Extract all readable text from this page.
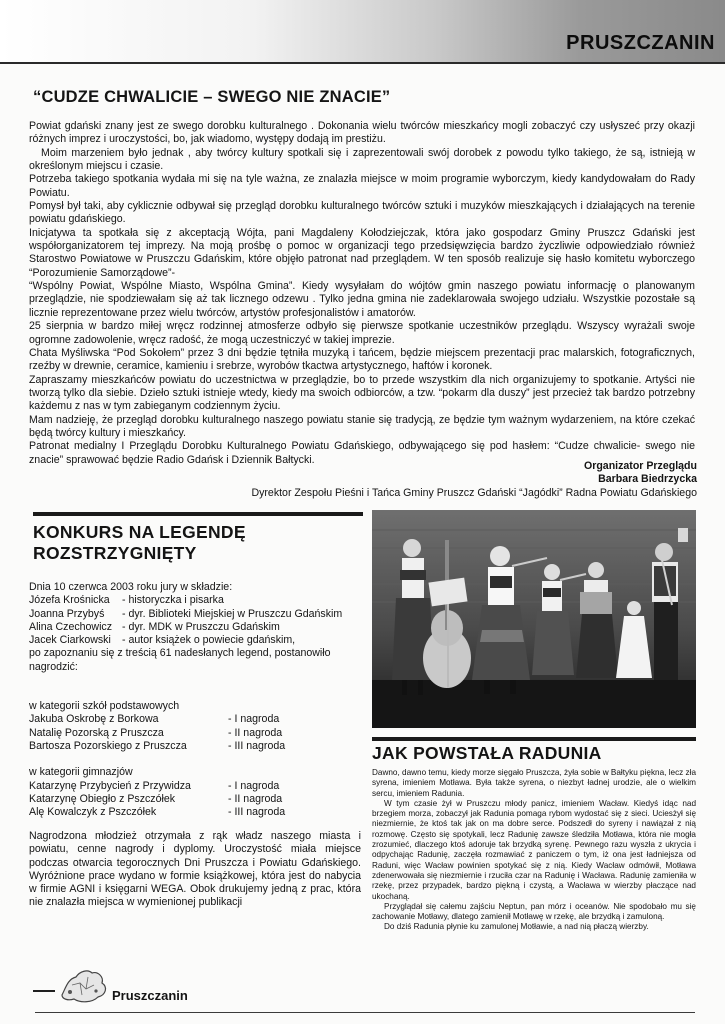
PRUSZCZANIN
“CUDZE CHWALICIE – SWEGO NIE ZNACIE”

Powiat gdański znany jest ze swego dorobku kulturalnego . Dokonania wielu twórców mieszkańcy mogli zobaczyć czy usłyszeć przy okazji różnych imprez i uroczystości, bo, jak wiadomo, występy dodają im prestiżu.

Moim marzeniem było jednak , aby twórcy kultury spotkali się i zaprezentowali swój dorobek z powodu tylko takiego, że są, istnieją w określonym miejscu i czasie.

Potrzeba takiego spotkania wydała mi się na tyle ważna, ze znalazła miejsce w moim programie wyborczym, kiedy kandydowałam do Rady Powiatu.

Pomysł był taki, aby cyklicznie odbywał się przegląd dorobku kulturalnego twórców sztuki i muzyków mieszkających i działających na terenie powiatu gdańskiego.

Inicjatywa ta spotkała się z akceptacją Wójta, pani Magdaleny Kołodziejczak, która jako gospodarz Gminy Pruszcz Gdański jest współorganizatorem tej imprezy. Na moją prośbę o pomoc w organizacji tego przedsięwzięcia bardzo życzliwie odpowiedziało również Starostwo Powiatowe w Pruszczu Gdańskim, które objęło patronat nad przeglądem. W ten sposób realizuje się hasło komitetu wyborczego “Porozumienie Samorządowe”-

“Wspólny Powiat, Wspólne Miasto, Wspólna Gmina”. Kiedy wysyłałam do wójtów gmin naszego powiatu informację o planowanym przeglądzie, nie spodziewałam się aż tak licznego odzewu . Tylko jedna gmina nie zadeklarowała swojego udziału. Wszystkie pozostałe są licznie reprezentowane przez wielu twórców, artystów profesjonalistów i amatorów.

25 sierpnia w bardzo miłej wręcz rodzinnej atmosferze odbyło się pierwsze spotkanie uczestników przeglądu. Wszyscy wyrażali swoje ogromne zadowolenie, wręcz radość, że mogą uczestniczyć w takiej imprezie.

Chata Myśliwska “Pod Sokołem” przez 3 dni będzie tętniła muzyką i tańcem, będzie miejscem prezentacji prac malarskich, fotograficznych, rzeźby w drewnie, ceramice, kamieniu i srebrze, wyrobów tkactwa artystycznego, haftów i koronek.

Zapraszamy mieszkańców powiatu do uczestnictwa w przeglądzie, bo to przede wszystkim dla nich organizujemy to spotkanie. Artyści nie tworzą tylko dla siebie. Dzieło sztuki istnieje wtedy, kiedy ma swoich odbiorców, a tzw. “pokarm dla duszy” jest przecież tak bardzo potrzebny każdemu z nas w tym zabieganym codziennym życiu.

Mam nadzieję, że przegląd dorobku kulturalnego naszego powiatu stanie się tradycją, ze będzie tym ważnym wydarzeniem, na które czekać będą twórcy kultury i mieszkańcy.

Patronat medialny I Przeglądu Dorobku Kulturalnego Powiatu Gdańskiego, odbywającego się pod hasłem: “Cudze chwalicie- swego nie znacie” sprawować będzie Radio Gdańsk i Dziennik Bałtycki.

Organizator Przeglądu
Barbara Biedrzycka
Dyrektor Zespołu Pieśni i Tańca Gminy Pruszcz Gdański “Jagódki” Radna Powiatu Gdańskiego
KONKURS NA LEGENDĘ ROZSTRZYGNIĘTY
Dnia 10 czerwca 2003 roku jury w składzie:
Józefa Krośnicka	- historyczka i pisarka
Joanna Przybyś	- dyr. Biblioteki Miejskiej w Pruszczu Gdańskim
Alina Czechowicz - dyr. MDK w Pruszczu Gdańskim
Jacek Ciarkowski	- autor książek o powiecie gdańskim,
po zapoznaniu się z treścią 61 nadesłanych legend, postanowiło nagrodzić:
w kategorii szkół podstawowych
Jakuba Oskrobę z Borkowa	- I nagroda
Natalię Pozorską z Pruszcza	- II nagroda
Bartosza Pozorskiego z Pruszcza	- III nagroda
w kategorii gimnazjów
Katarzynę Przybycień z Przywidza	- I nagroda
Katarzynę Obiegło z Pszczółek	- II nagroda
Alę Kowalczyk z Pszczółek	- III nagroda
Nagrodzona młodzież otrzymała z rąk władz naszego miasta i powiatu, cenne nagrody i dyplomy. Uroczystość miała miejsce podczas otwarcia tegorocznych Dni Pruszcza i Powiatu Gdańskiego. Wyróżnione prace wydano w formie książkowej, która jest do nabycia w firmie AGNI i księgarni WEGA. Obok drukujemy jedną z prac, która nie znalazła miejsca w wymienionej publikacji
JAK POWSTAŁA RADUNIA

Dawno, dawno temu, kiedy morze sięgało Pruszcza, żyła sobie w Bałtyku piękna, lecz zła syrena, imieniem Motława. Była także syrena, o niezbyt ładnej urodzie, ale o wielkim sercu, imieniem Radunia.

W tym czasie żył w Pruszczu młody panicz, imieniem Wacław. Kiedyś idąc nad brzegiem morza, zobaczył jak Radunia pomaga rybom wydostać się z sieci. Uciesżył się niezmiernie, że ktoś tak jak on ma dobre serce. Podszedł do syreny i nawiązał z nią rozmowę. Często się spotykali, lecz Radunię zawsze śledziła Motława, która nie mogła zrozumieć, dlaczego ktoś adoruje tak brzydką syrenę. Pewnego razu wyszła z ukrycia i odpychając Radunię, zaczęła rozmawiać z paniczem o tym, iż ona jest ładniejsza od Raduni, więc Wacław powinien spotykać się z nią. Kiedy Wacław odmówił, Motława zdenerwowała się niezmiernie i rzuciła czar na Radunię i Wacława. Radunię zamieniła w rzekę, przez przypadek, bardzo piękną i czystą, a Wacława w wierzby płaczące nad ukochaną.

Przyglądał się całemu zajściu Neptun, pan mórz i oceanów. Nie spodobało mu się zachowanie Motławy, dlatego zamienił Motławę w rzekę, ale brzydką i zamuloną.

Do dziś Radunia płynie ku zamulonej Motławie, a nad nią płaczą wierzby.

Pruszczanin
